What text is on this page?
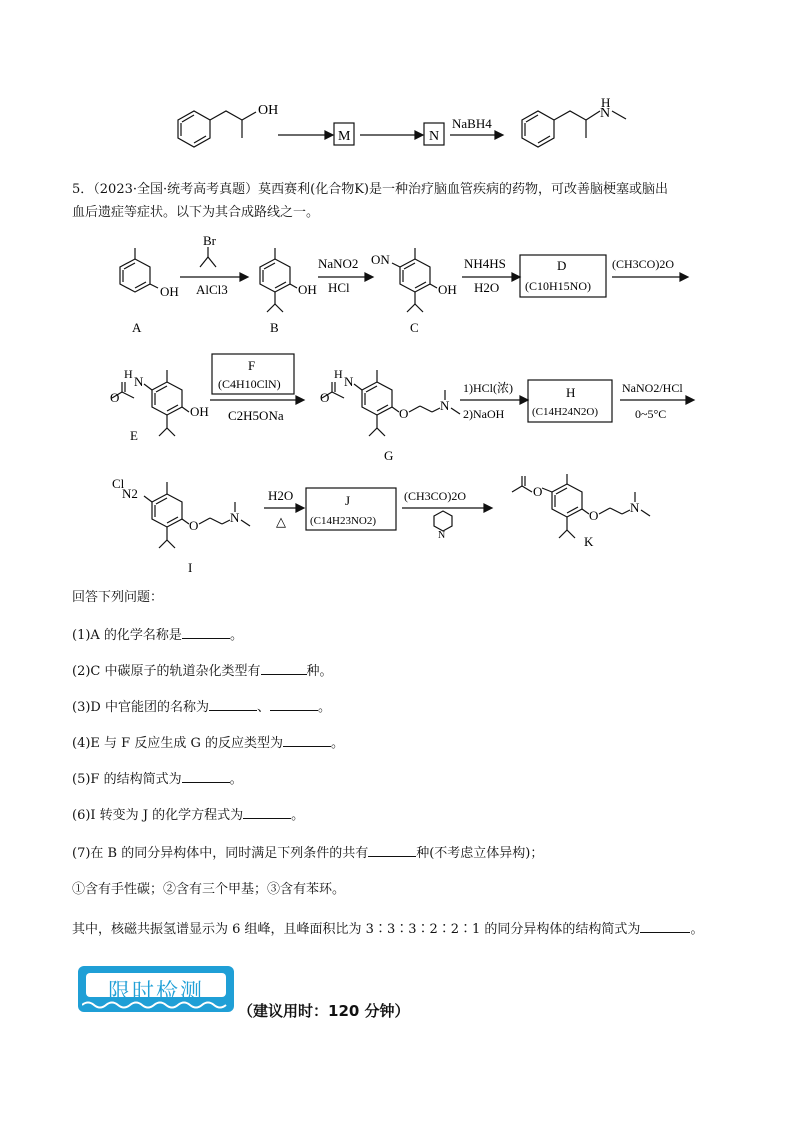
OH
M	N
NaBH4
H
N
5．（2023·全国·统考高考真题）莫西赛利(化合物K)是一种治疗脑血管疾病的药物，可改善脑梗塞或脑出
血后遗症等症状。以下为其合成路线之一。
OH
A
Br
AlCl3	OH
B
NaNO2
HCl
ON
OH
C
NH4HS
H2O
D
(C10H15NO)
(CH3CO)2O
H N
O
OH
E
F
(C4H10ClN)
C2H5ONa
H N
O
O
N
G
1)HCl(浓)
2)NaOH
H
(C14H24N2O)
NaNO2/HCl
0~5°C
Cl
N2
O
N
I
H2O
△
J
(C14H23NO2)
(CH3CO)2O
N
O
O
N
K
回答下列问题：
(1)A 的化学名称是	。
(2)C 中碳原子的轨道杂化类型有	种。
(3)D 中官能团的名称为	、	。
(4)E 与 F 反应生成 G 的反应类型为	。
(5)F 的结构简式为	。
(6)I 转变为 J 的化学方程式为	。
(7)在 B 的同分异构体中，同时满足下列条件的共有	种(不考虑立体异构)；
①含有手性碳；②含有三个甲基；③含有苯环。
其中，核磁共振氢谱显示为 6 组峰，且峰面积比为 3∶3∶3∶2∶2∶1 的同分异构体的结构简式为	。
限时检测
（建议用时：120 分钟）
